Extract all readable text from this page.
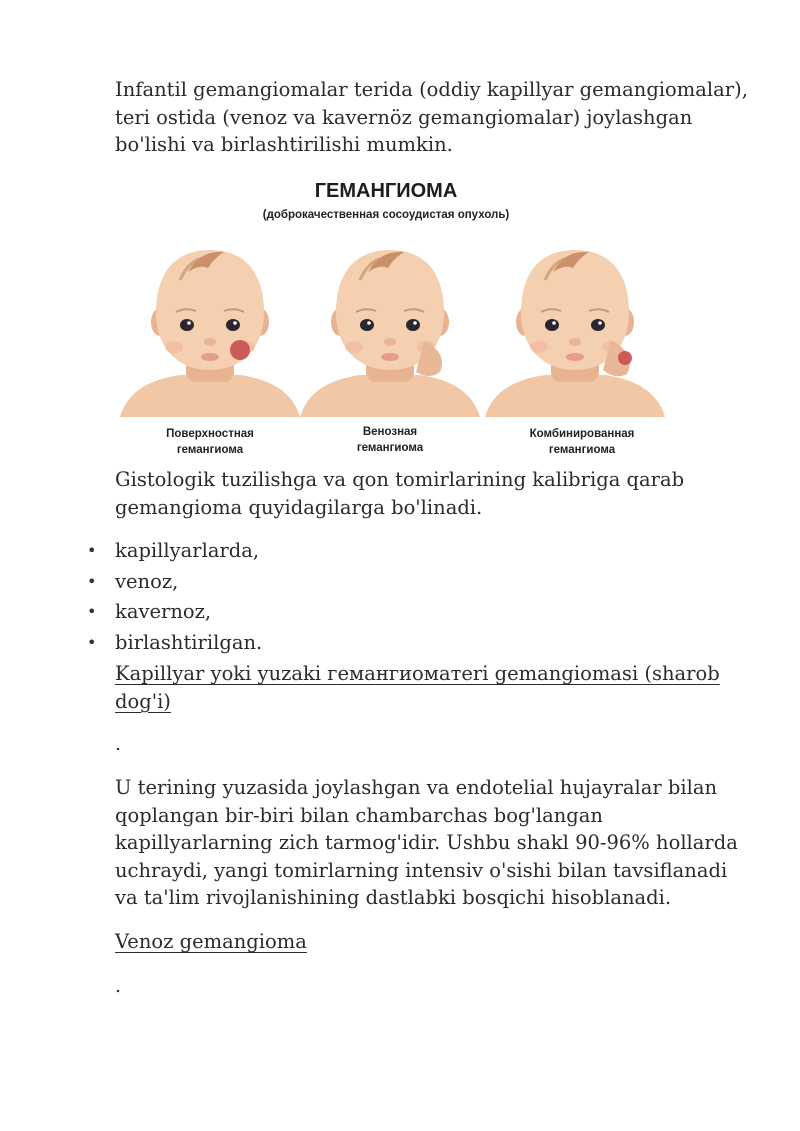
Infantil gemangiomalar terida (oddiy kapillyar gemangiomalar),
teri ostida (venoz va kavernöz gemangiomalar) joylashgan
bo'lishi va birlashtirilishi mumkin.

ГЕМАНГИОМА
(доброкачественная сосоудистая опухоль)
Поверхностная
гемангиома
Венозная
гемангиома
Комбинированная
гемангиома

Gistologik tuzilishga va qon tomirlarining kalibriga qarab
gemangioma quyidagilarga bo'linadi.

• kapillyarlarda,
• venoz,
• kavernoz,
• birlashtirilgan.

Kapillyar yoki yuzaki гемангиоматeri gemangiomasi (sharob
dog'i)

.

U terining yuzasida joylashgan va endotelial hujayralar bilan
qoplangan bir-biri bilan chambarchas bog'langan
kapillyarlarning zich tarmog'idir. Ushbu shakl 90-96% hollarda
uchraydi, yangi tomirlarning intensiv o'sishi bilan tavsiflanadi
va ta'lim rivojlanishining dastlabki bosqichi hisoblanadi.

Venoz gemangioma

.
